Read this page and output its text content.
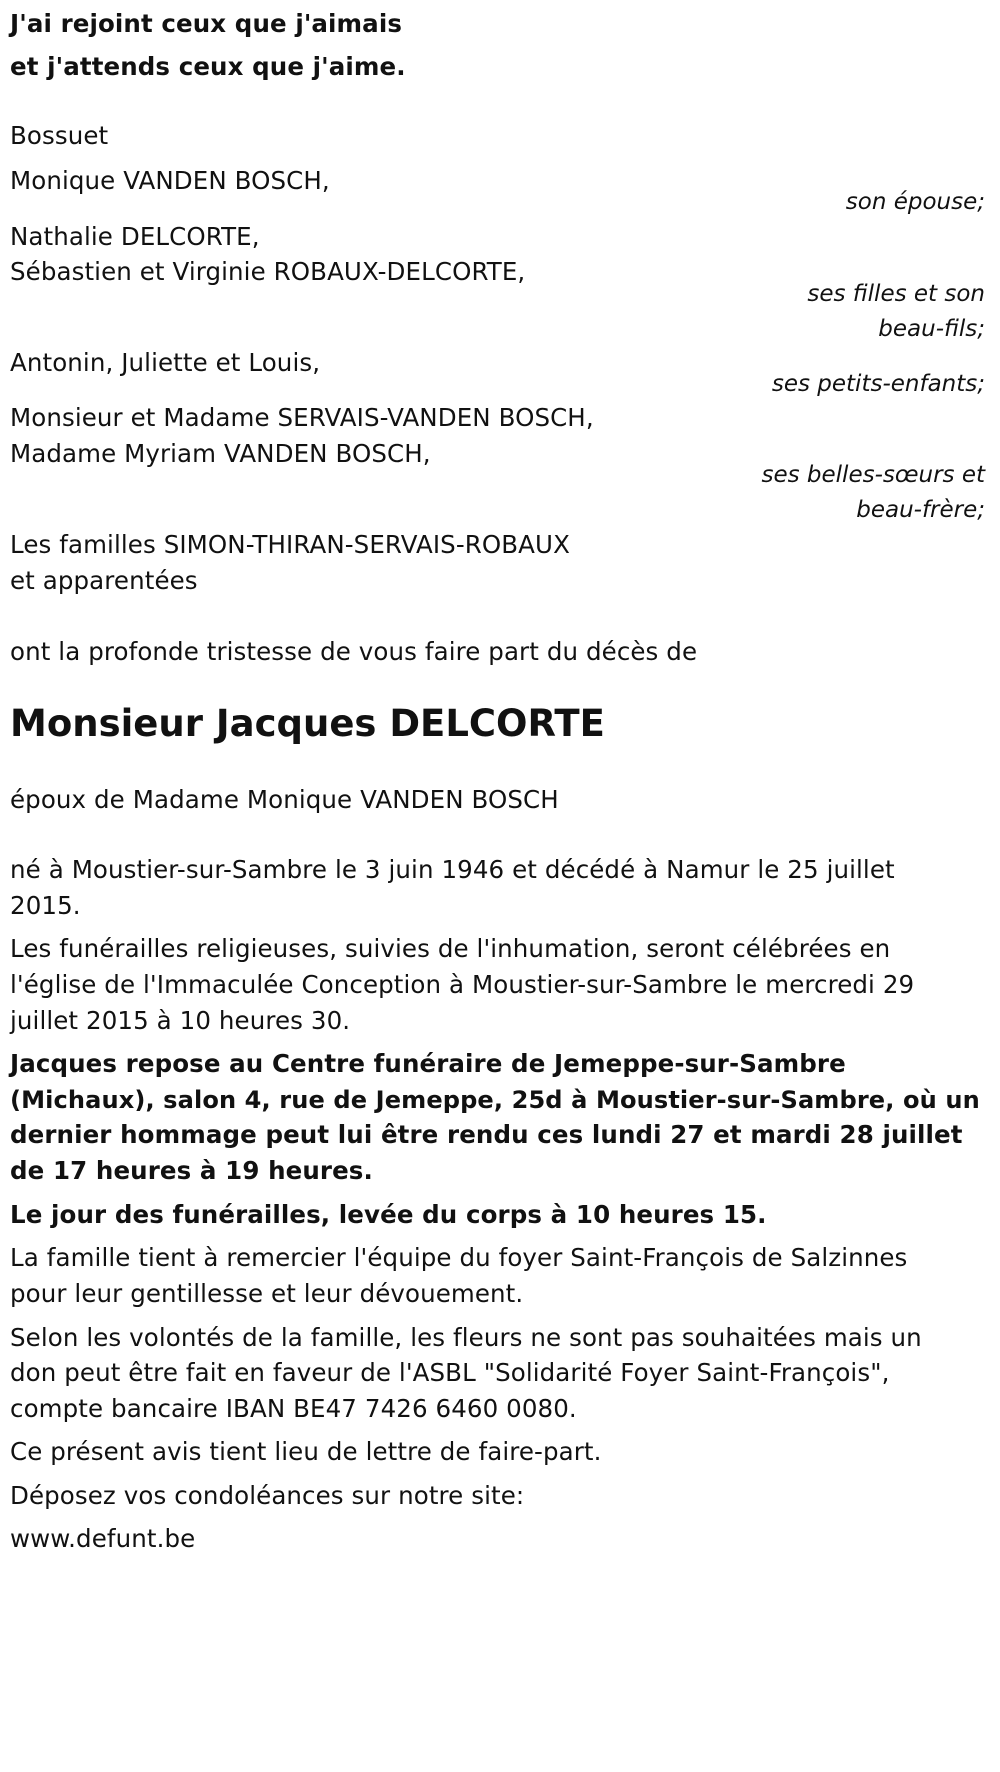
J'ai rejoint ceux que j'aimais
et j'attends ceux que j'aime.
Bossuet
Monique VANDEN BOSCH,
son épouse;
Nathalie DELCORTE,
Sébastien et Virginie ROBAUX-DELCORTE,
ses filles et son
beau-fils;
Antonin, Juliette et Louis,
ses petits-enfants;
Monsieur et Madame SERVAIS-VANDEN BOSCH,
Madame Myriam VANDEN BOSCH,
ses belles-sœurs et
beau-frère;
Les familles SIMON-THIRAN-SERVAIS-ROBAUX
et apparentées
ont la profonde tristesse de vous faire part du décès de
Monsieur Jacques DELCORTE
époux de Madame Monique VANDEN BOSCH
né à Moustier-sur-Sambre le 3 juin 1946 et décédé à Namur le 25 juillet
2015.
Les funérailles religieuses, suivies de l'inhumation, seront célébrées en
l'église de l'Immaculée Conception à Moustier-sur-Sambre le mercredi 29
juillet 2015 à 10 heures 30.
Jacques repose au Centre funéraire de Jemeppe-sur-Sambre
(Michaux), salon 4, rue de Jemeppe, 25d à Moustier-sur-Sambre, où un
dernier hommage peut lui être rendu ces lundi 27 et mardi 28 juillet
de 17 heures à 19 heures.
Le jour des funérailles, levée du corps à 10 heures 15.
La famille tient à remercier l'équipe du foyer Saint-François de Salzinnes
pour leur gentillesse et leur dévouement.
Selon les volontés de la famille, les fleurs ne sont pas souhaitées mais un
don peut être fait en faveur de l'ASBL "Solidarité Foyer Saint-François",
compte bancaire IBAN BE47 7426 6460 0080.
Ce présent avis tient lieu de lettre de faire-part.
Déposez vos condoléances sur notre site:
www.defunt.be
